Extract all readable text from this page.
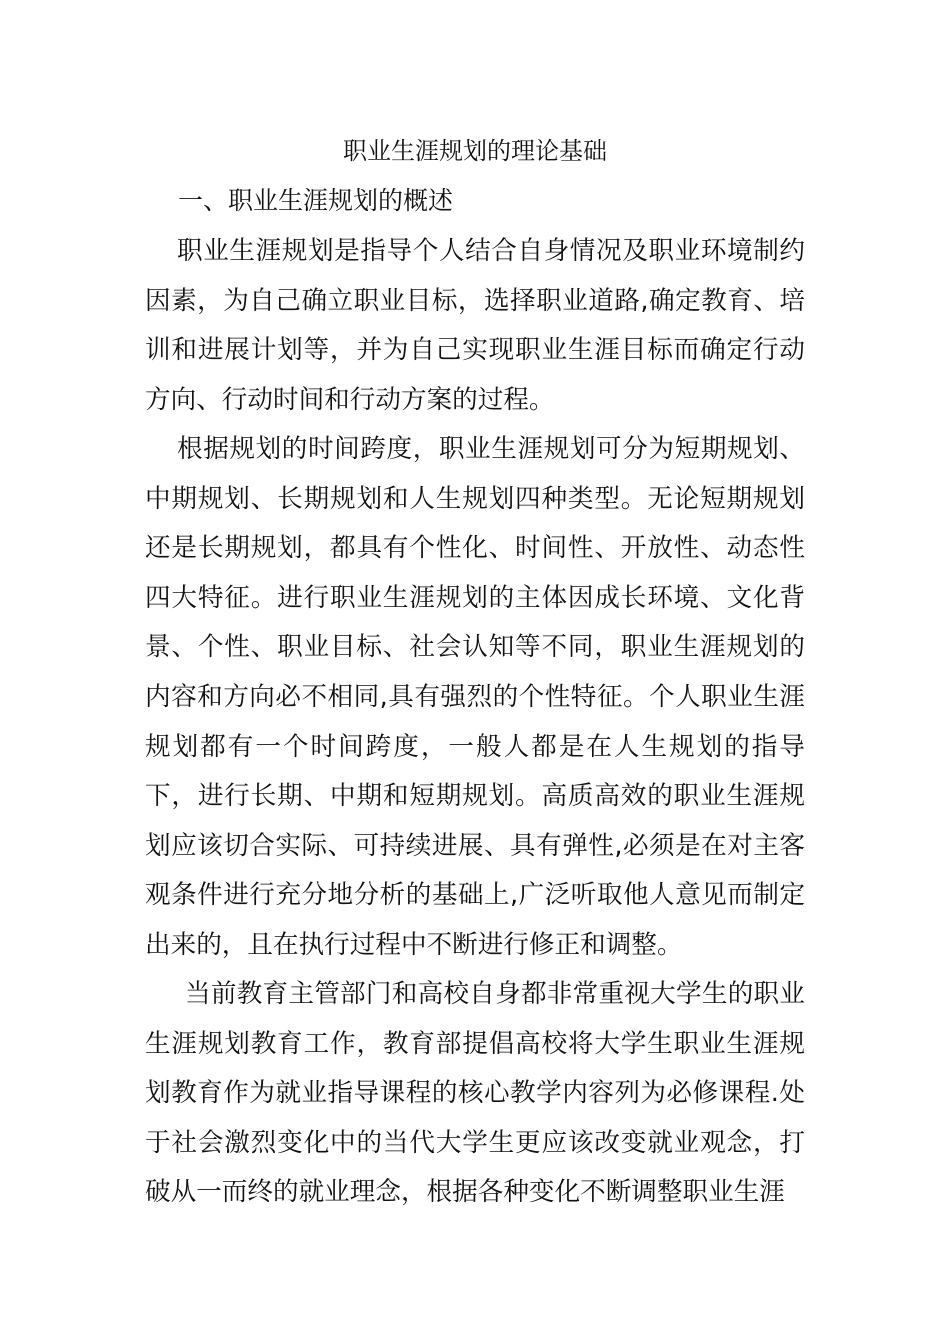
职业生涯规划的理论基础
一、职业生涯规划的概述

职业生涯规划是指导个人结合自身情况及职业环境制约因素，为自己确立职业目标，选择职业道路,确定教育、培训和进展计划等，并为自己实现职业生涯目标而确定行动方向、行动时间和行动方案的过程。

根据规划的时间跨度，职业生涯规划可分为短期规划、中期规划、长期规划和人生规划四种类型。无论短期规划还是长期规划，都具有个性化、时间性、开放性、动态性四大特征。进行职业生涯规划的主体因成长环境、文化背景、个性、职业目标、社会认知等不同，职业生涯规划的内容和方向必不相同,具有强烈的个性特征。个人职业生涯规划都有一个时间跨度，一般人都是在人生规划的指导下，进行长期、中期和短期规划。高质高效的职业生涯规划应该切合实际、可持续进展、具有弹性,必须是在对主客观条件进行充分地分析的基础上,广泛听取他人意见而制定出来的，且在执行过程中不断进行修正和调整。

当前教育主管部门和高校自身都非常重视大学生的职业生涯规划教育工作，教育部提倡高校将大学生职业生涯规划教育作为就业指导课程的核心教学内容列为必修课程.处于社会激烈变化中的当代大学生更应该改变就业观念，打破从一而终的就业理念，根据各种变化不断调整职业生涯
